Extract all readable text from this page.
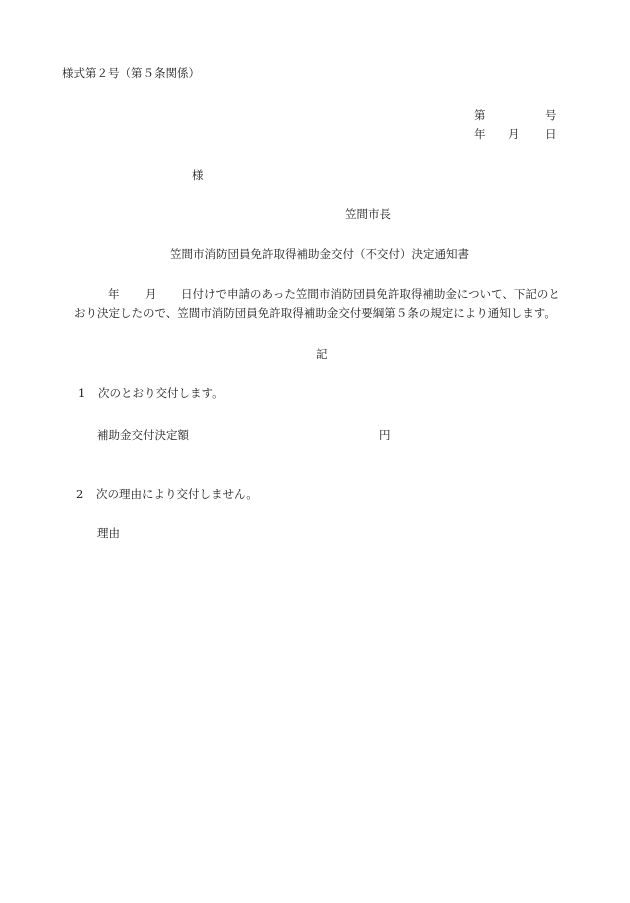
様式第２号（第５条関係）
第	号
年 月 日
様
笠間市長
笠間市消防団員免許取得補助金交付（不交付）決定通知書
年 月 日付けで申請のあった笠間市消防団員免許取得補助金について、下記のと
おり決定したので、笠間市消防団員免許取得補助金交付要綱第５条の規定により通知します。
記
1 次のとおり交付します。
補助金交付決定額	円
2 次の理由により交付しません。
理由
